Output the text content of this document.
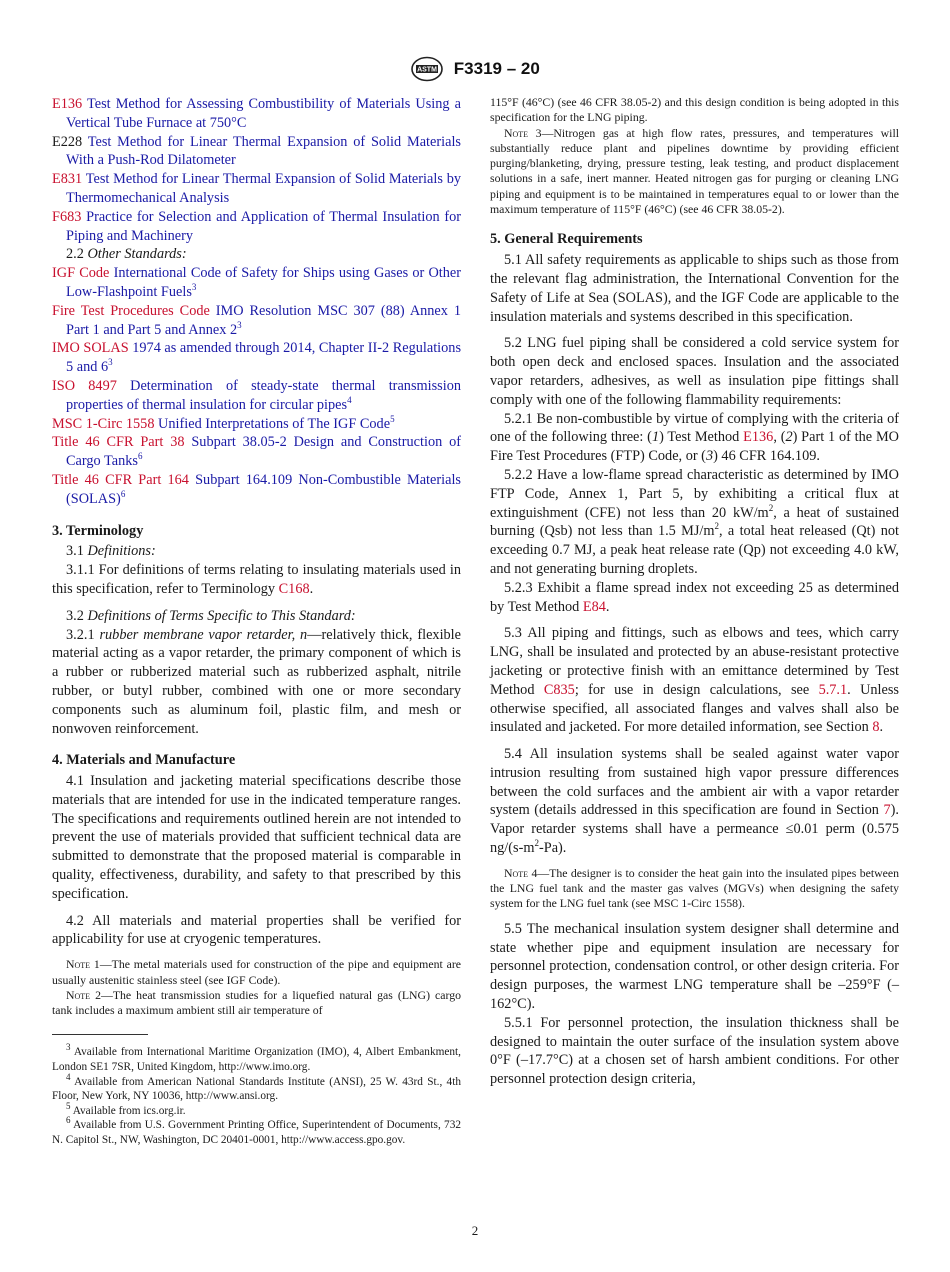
ASTM F3319 – 20

E136 Test Method for Assessing Combustibility of Materials Using a Vertical Tube Furnace at 750°C

E228 Test Method for Linear Thermal Expansion of Solid Materials With a Push-Rod Dilatometer

E831 Test Method for Linear Thermal Expansion of Solid Materials by Thermomechanical Analysis

F683 Practice for Selection and Application of Thermal Insulation for Piping and Machinery

2.2 Other Standards:

IGF Code International Code of Safety for Ships using Gases or Other Low-Flashpoint Fuels$^3$

Fire Test Procedures Code IMO Resolution MSC 307 (88) Annex 1 Part 1 and Part 5 and Annex $2^3$

IMO SOLAS 1974 as amended through 2014, Chapter II-2 Regulations 5 and $6^3$

ISO 8497 Determination of steady-state thermal transmission properties of thermal insulation for circular pipes$^4$

MSC 1-Circ 1558 Unified Interpretations of The IGF Code$^5$

Title 46 CFR Part 38 Subpart 38.05-2 Design and Construction of Cargo Tanks$^6$

Title 46 CFR Part 164 Subpart 164.109 Non-Combustible Materials (SOLAS)$^6$

3. Terminology

3.1 Definitions:

3.1.1 For definitions of terms relating to insulating materials used in this specification, refer to Terminology C168.

3.2 Definitions of Terms Specific to This Standard:

3.2.1 rubber membrane vapor retarder, n—relatively thick, flexible material acting as a vapor retarder, the primary component of which is a rubber or rubberized material such as rubberized asphalt, nitrile rubber, or butyl rubber, combined with one or more secondary components such as aluminum foil, plastic film, and mesh or nonwoven reinforcement.

4. Materials and Manufacture

4.1 Insulation and jacketing material specifications describe those materials that are intended for use in the indicated temperature ranges. The specifications and requirements outlined herein are not intended to prevent the use of materials provided that sufficient technical data are submitted to demonstrate that the proposed material is comparable in quality, effectiveness, durability, and safety to that prescribed by this specification.

4.2 All materials and material properties shall be verified for applicability for use at cryogenic temperatures.

Note 1—The metal materials used for construction of the pipe and equipment are usually austenitic stainless steel (see IGF Code).

Note 2—The heat transmission studies for a liquefied natural gas (LNG) cargo tank includes a maximum ambient still air temperature of

$^3$ Available from International Maritime Organization (IMO), 4, Albert Embankment, London SE1 7SR, United Kingdom, http://www.imo.org.

$^4$ Available from American National Standards Institute (ANSI), 25 W. 43rd St., 4th Floor, New York, NY 10036, http://www.ansi.org.

$^5$ Available from ics.org.ir.

$^6$ Available from U.S. Government Printing Office, Superintendent of Documents, 732 N. Capitol St., NW, Washington, DC 20401-0001, http://www.access.gpo.gov.

115°F (46°C) (see 46 CFR 38.05-2) and this design condition is being adopted in this specification for the LNG piping.

Note 3—Nitrogen gas at high flow rates, pressures, and temperatures will substantially reduce plant and pipelines downtime by providing efficient purging/blanketing, drying, pressure testing, leak testing, and product displacement solutions in a safe, inert manner. Heated nitrogen gas for purging or cleaning LNG piping and equipment is to be maintained in temperatures equal to or lower than the maximum temperature of 115°F (46°C) (see 46 CFR 38.05-2).

5. General Requirements

5.1 All safety requirements as applicable to ships such as those from the relevant flag administration, the International Convention for the Safety of Life at Sea (SOLAS), and the IGF Code are applicable to the insulation materials and systems described in this specification.

5.2 LNG fuel piping shall be considered a cold service system for both open deck and enclosed spaces. Insulation and the associated vapor retarders, adhesives, as well as insulation pipe fittings shall comply with one of the following flammability requirements:

5.2.1 Be non-combustible by virtue of complying with the criteria of one of the following three: (1) Test Method E136, (2) Part 1 of the MO Fire Test Procedures (FTP) Code, or (3) 46 CFR 164.109.

5.2.2 Have a low-flame spread characteristic as determined by IMO FTP Code, Annex 1, Part 5, by exhibiting a critical flux at extinguishment (CFE) not less than 20 $kW/m^2$, a heat of sustained burning (Qsb) not less than 1.5 $MJ/m^2$, a total heat released (Qt) not exceeding 0.7 MJ, a peak heat release rate (Qp) not exceeding 4.0 kW, and not generating burning droplets.

5.2.3 Exhibit a flame spread index not exceeding 25 as determined by Test Method E84.

5.3 All piping and fittings, such as elbows and tees, which carry LNG, shall be insulated and protected by an abuse-resistant protective jacketing or protective finish with an emittance determined by Test Method C835; for use in design calculations, see 5.7.1. Unless otherwise specified, all associated flanges and valves shall also be insulated and jacketed. For more detailed information, see Section 8.

5.4 All insulation systems shall be sealed against water vapor intrusion resulting from sustained high vapor pressure differences between the cold surfaces and the ambient air with a vapor retarder system (details addressed in this specification are found in Section 7). Vapor retarder systems shall have a permeance ≤0.01 perm (0.575 $ng/(s-m^2-Pa)$.

Note 4—The designer is to consider the heat gain into the insulated pipes between the LNG fuel tank and the master gas valves (MGVs) when designing the safety system for the LNG fuel tank (see MSC 1-Circ 1558).

5.5 The mechanical insulation system designer shall determine and state whether pipe and equipment insulation are necessary for personnel protection, condensation control, or other design criteria. For design purposes, the warmest LNG temperature shall be –259°F (–162°C).

5.5.1 For personnel protection, the insulation thickness shall be designed to maintain the outer surface of the insulation system above 0°F (–17.7°C) at a chosen set of harsh ambient conditions. For other personnel protection design criteria,

2
